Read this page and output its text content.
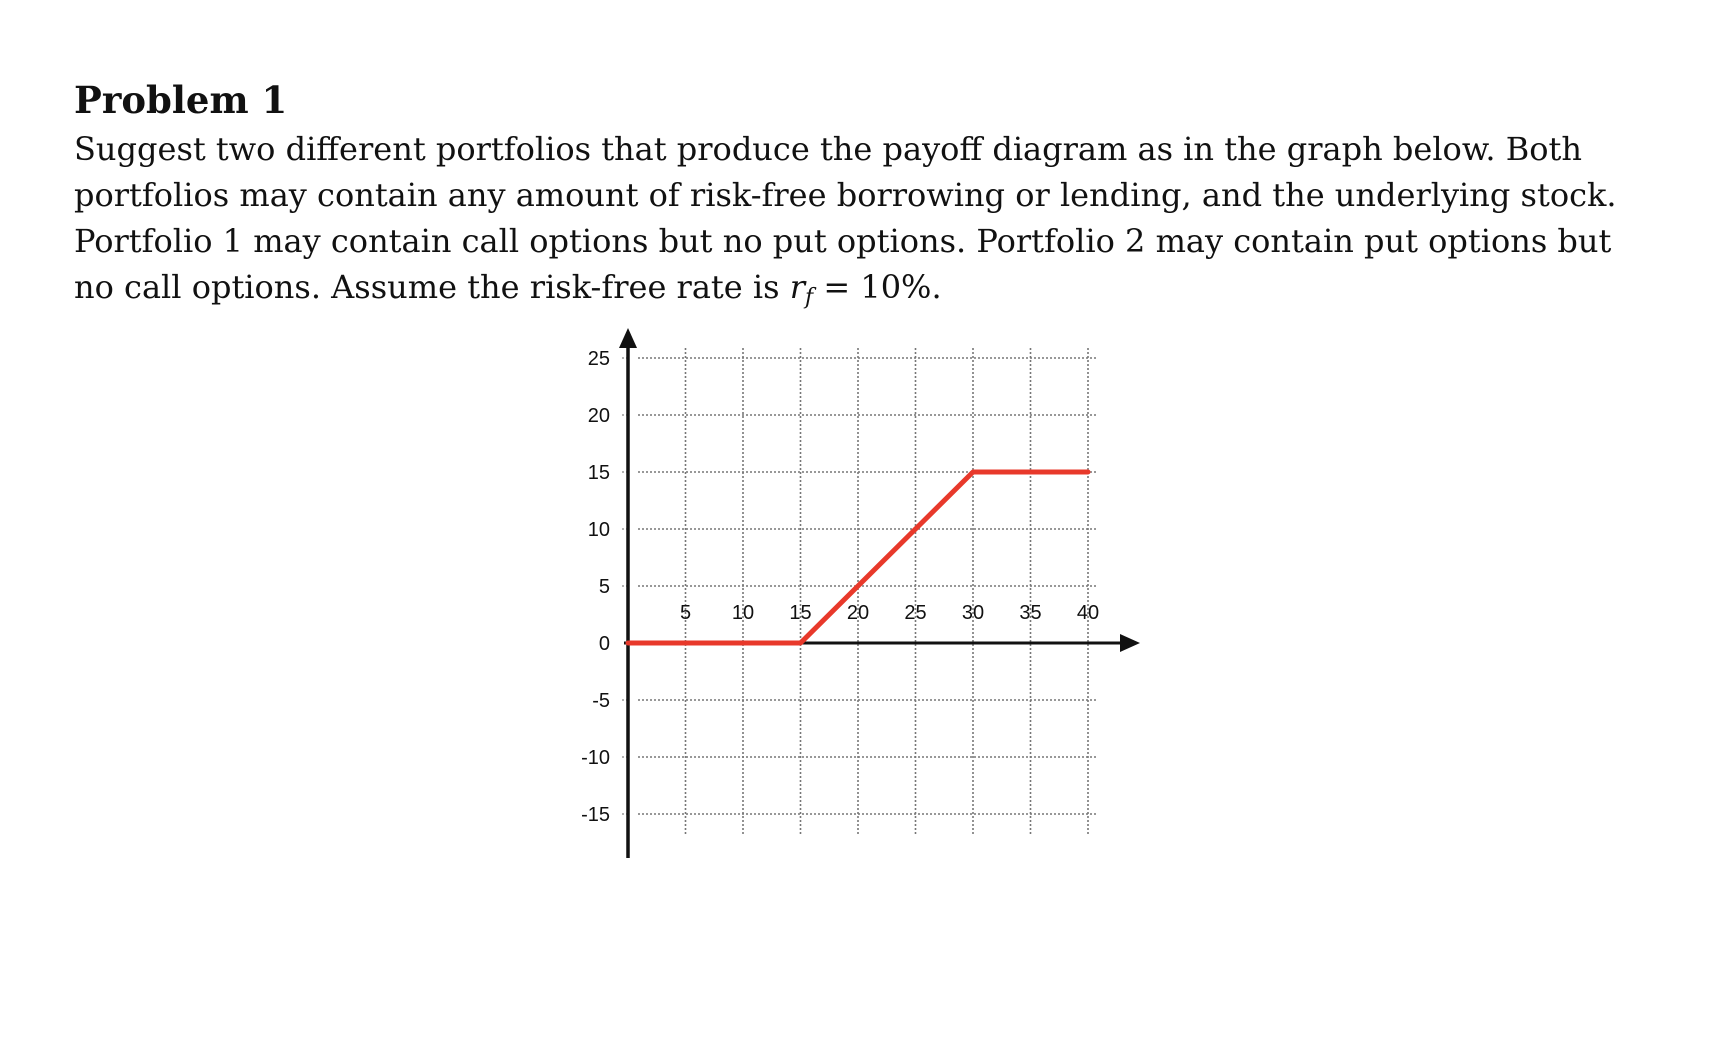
Problem 1

Suggest two different portfolios that produce the payoff diagram as in the graph below. Both
portfolios may contain any amount of risk-free borrowing or lending, and the underlying stock.
Portfolio 1 may contain call options but no put options. Portfolio 2 may contain put options but
no call options. Assume the risk-free rate is $r_f = 10\%$.

25
20
15
10
5
0
-5
-10
-15
5 10 15 20 25 30 35 40
